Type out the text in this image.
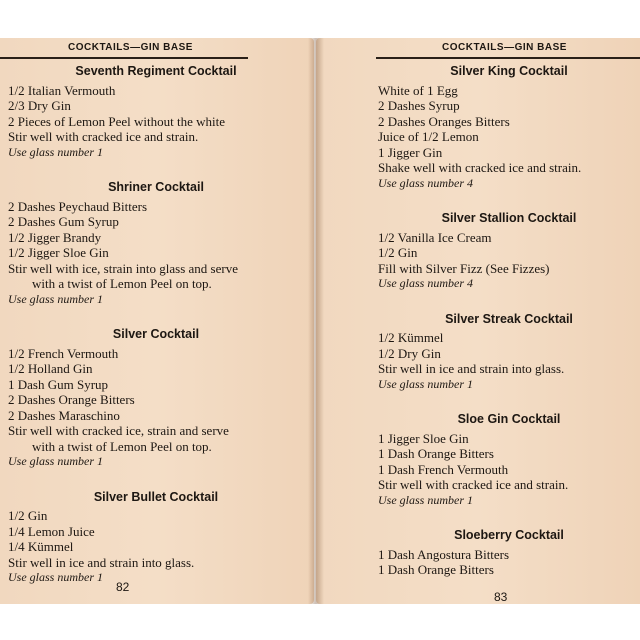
COCKTAILS—GIN BASE
Seventh Regiment Cocktail
1/2 Italian Vermouth
2/3 Dry Gin
2 Pieces of Lemon Peel without the white
Stir well with cracked ice and strain.
Use glass number 1
Shriner Cocktail
2 Dashes Peychaud Bitters
2 Dashes Gum Syrup
1/2 Jigger Brandy
1/2 Jigger Sloe Gin
Stir well with ice, strain into glass and serve
with a twist of Lemon Peel on top.
Use glass number 1
Silver Cocktail
1/2 French Vermouth
1/2 Holland Gin
1 Dash Gum Syrup
2 Dashes Orange Bitters
2 Dashes Maraschino
Stir well with cracked ice, strain and serve
with a twist of Lemon Peel on top.
Use glass number 1
Silver Bullet Cocktail
1/2 Gin
1/4 Lemon Juice
1/4 Kümmel
Stir well in ice and strain into glass.
Use glass number 1
82
COCKTAILS—GIN BASE
Silver King Cocktail
White of 1 Egg
2 Dashes Syrup
2 Dashes Oranges Bitters
Juice of 1/2 Lemon
1 Jigger Gin
Shake well with cracked ice and strain.
Use glass number 4
Silver Stallion Cocktail
1/2 Vanilla Ice Cream
1/2 Gin
Fill with Silver Fizz (See Fizzes)
Use glass number 4
Silver Streak Cocktail
1/2 Kümmel
1/2 Dry Gin
Stir well in ice and strain into glass.
Use glass number 1
Sloe Gin Cocktail
1 Jigger Sloe Gin
1 Dash Orange Bitters
1 Dash French Vermouth
Stir well with cracked ice and strain.
Use glass number 1
Sloeberry Cocktail
1 Dash Angostura Bitters
1 Dash Orange Bitters
83
